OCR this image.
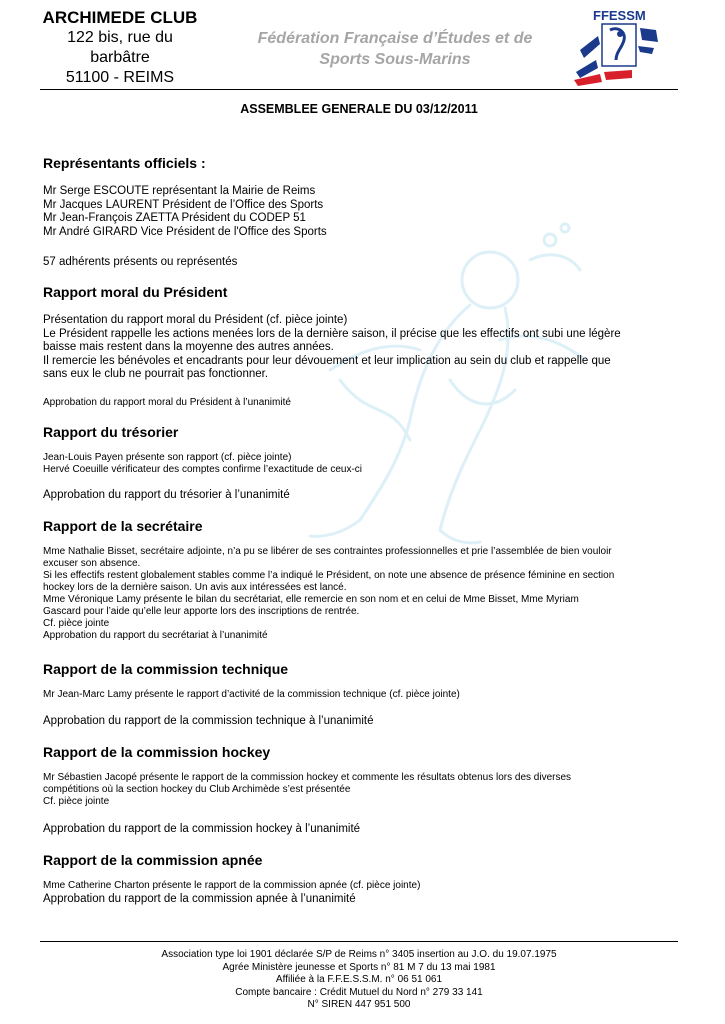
ARCHIMEDE CLUB
122 bis, rue du
barbâtre
51100 - REIMS
Fédération Française d’Études et de
Sports Sous-Marins
FFESSM
ASSEMBLEE GENERALE DU 03/12/2011
Représentants officiels :
Mr Serge ESCOUTE représentant la Mairie de Reims
Mr Jacques LAURENT Président de l’Office des Sports
Mr Jean-François ZAETTA Président du CODEP 51
Mr André GIRARD Vice Président de l'Office des Sports
57 adhérents présents ou représentés
Rapport moral du Président
Présentation du rapport moral du Président (cf. pièce jointe)
Le Président rappelle les actions menées lors de la dernière saison, il précise que les effectifs ont subi une légère
baisse mais restent dans la moyenne des autres années.
Il remercie les bénévoles et encadrants pour leur dévouement et leur implication au sein du club et rappelle que
sans eux le club ne pourrait pas fonctionner.
Approbation du rapport moral du Président à l’unanimité
Rapport du trésorier
Jean-Louis Payen présente son rapport (cf. pièce jointe)
Hervé Coeuille vérificateur des comptes confirme l’exactitude de ceux-ci
Approbation du rapport du trésorier à l’unanimité
Rapport de la secrétaire
Mme Nathalie Bisset, secrétaire adjointe, n’a pu se libérer de ses contraintes professionnelles et prie l’assemblée de bien vouloir
excuser son absence.
Si les effectifs restent globalement stables comme l’a indiqué le Président, on note une absence de présence féminine en section
hockey lors de la dernière saison. Un avis aux intéressées est lancé.
Mme Véronique Lamy présente le bilan du secrétariat, elle remercie en son nom et en celui de Mme Bisset, Mme Myriam
Gascard pour l’aide qu’elle leur apporte lors des inscriptions de rentrée.
Cf. pièce jointe
Approbation du rapport du secrétariat à l’unanimité
Rapport de la commission technique
Mr Jean-Marc Lamy présente le rapport d’activité de la commission technique (cf. pièce jointe)
Approbation du rapport de la commission technique à l’unanimité
Rapport de la commission hockey
Mr Sébastien Jacopé présente le rapport de la commission hockey et commente les résultats obtenus lors des diverses
compétitions où la section hockey du Club Archimède s’est présentée
Cf. pièce jointe
Approbation du rapport de la commission hockey à l’unanimité
Rapport de la commission apnée
Mme Catherine Charton présente le rapport de la commission apnée (cf. pièce jointe)
Approbation du rapport de la commission apnée à l’unanimité
Association type loi 1901 déclarée S/P de Reims n° 3405 insertion au J.O. du 19.07.1975
Agrée Ministère jeunesse et Sports n° 81 M 7 du 13 mai 1981
Affiliée à la F.F.E.S.S.M. n° 06 51 061
Compte bancaire : Crédit Mutuel du Nord n° 279 33 141
N° SIREN 447 951 500
